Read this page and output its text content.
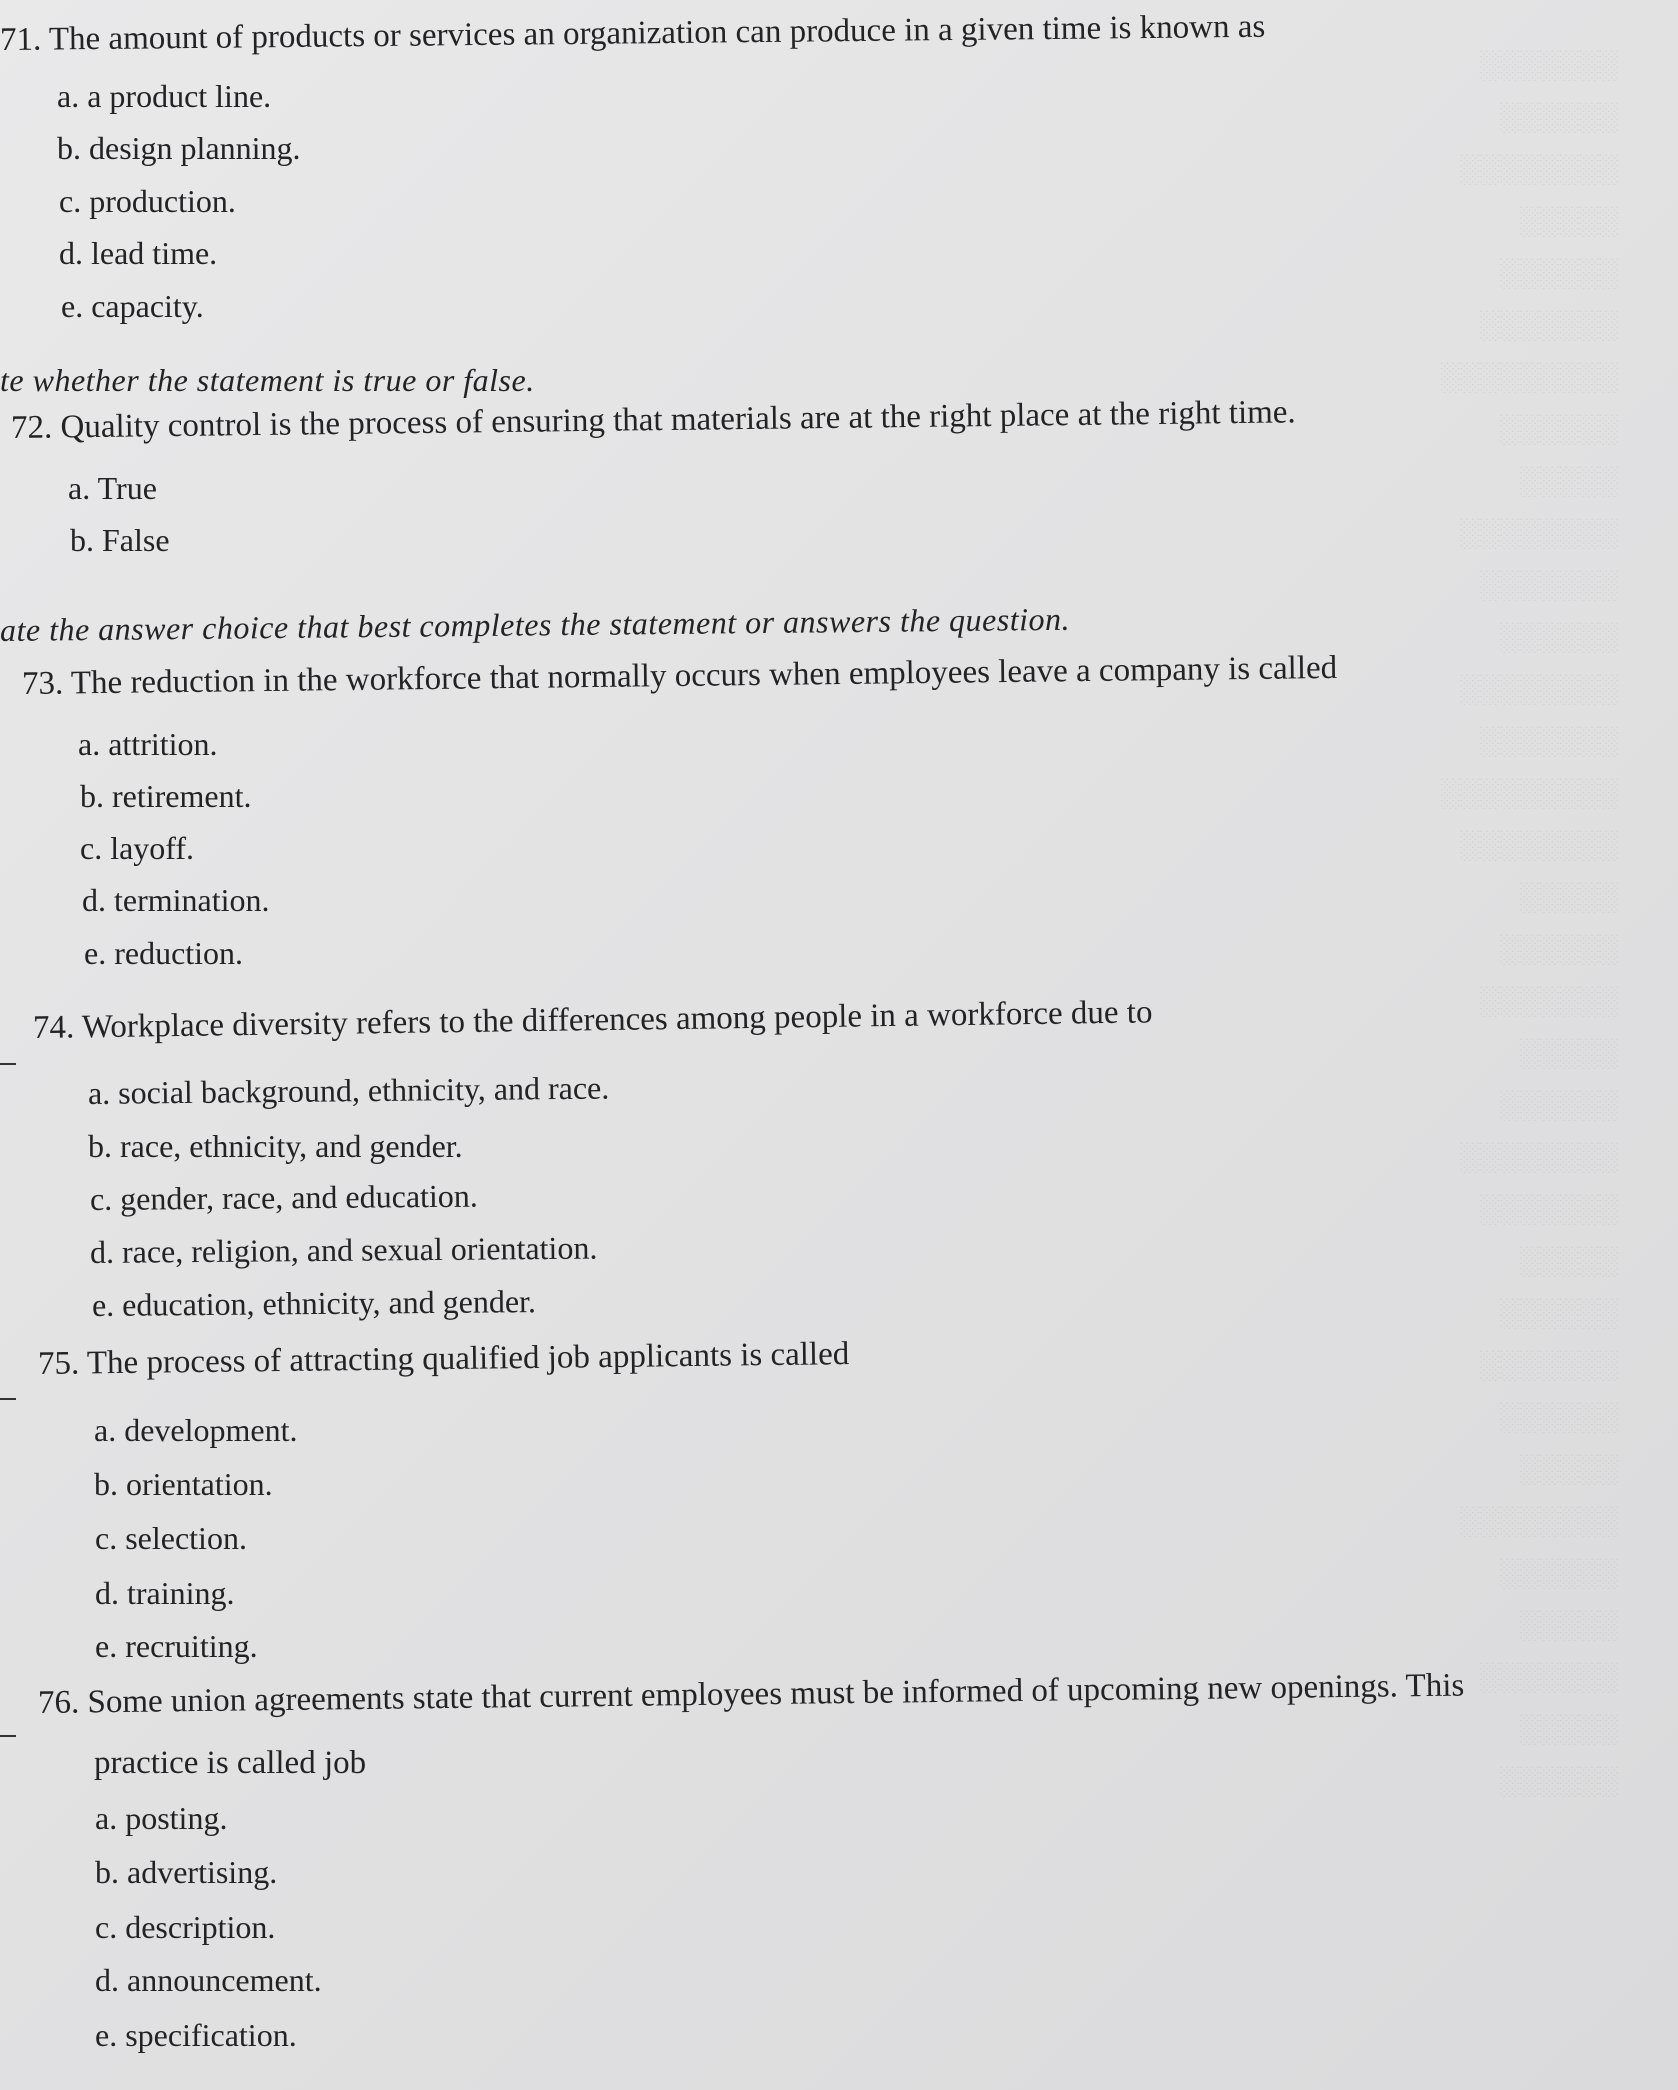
░░░░░░░
░░░░░░
░░░░░░░░
░░░░░
░░░░░░
░░░░░░░
░░░░░░░░░
░░░░░░
░░░░░
░░░░░░░░
░░░░░░░
░░░░░░
░░░░░░░░
░░░░░░░
░░░░░░░░░
░░░░░░░░
░░░░░
░░░░░░
░░░░░░░
░░░░░
░░░░░░
░░░░░░░░
░░░░░░░
░░░░░
░░░░░░
░░░░░░░
░░░░░░
░░░░░
░░░░░░░░
░░░░░░
░░░░░
░░░░░░░
░░░░░
░░░░░░
71. The amount of products or services an organization can produce in a given time is known as
a. a product line.
b. design planning.
c. production.
d. lead time.
e. capacity.
te whether the statement is true or false.
72. Quality control is the process of ensuring that materials are at the right place at the right time.
a. True
b. False
ate the answer choice that best completes the statement or answers the question.
73. The reduction in the workforce that normally occurs when employees leave a company is called
a. attrition.
b. retirement.
c. layoff.
d. termination.
e. reduction.
74. Workplace diversity refers to the differences among people in a workforce due to
a. social background, ethnicity, and race.
b. race, ethnicity, and gender.
c. gender, race, and education.
d. race, religion, and sexual orientation.
e. education, ethnicity, and gender.
75. The process of attracting qualified job applicants is called
a. development.
b. orientation.
c. selection.
d. training.
e. recruiting.
76. Some union agreements state that current employees must be informed of upcoming new openings. This
practice is called job
a. posting.
b. advertising.
c. description.
d. announcement.
e. specification.
